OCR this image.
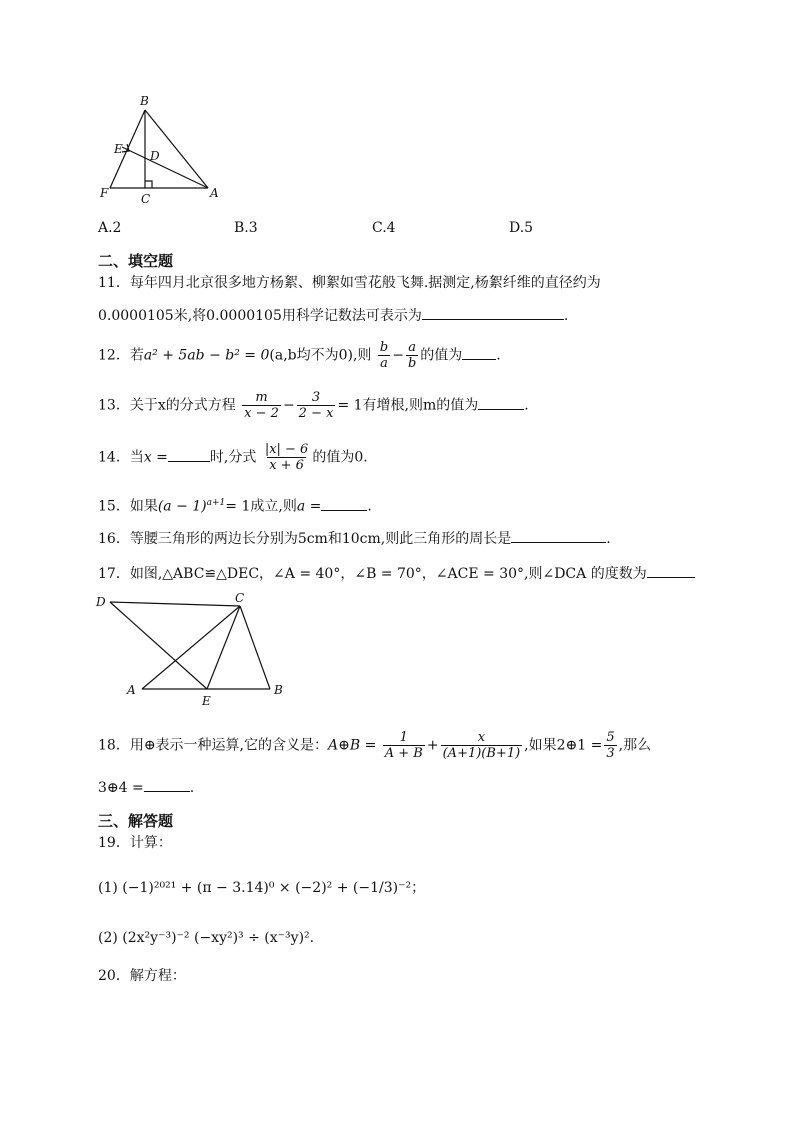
B
E D
F	C	A
A.2	B.3	C.4	D.5
二、填空题
11．每年四月北京很多地方杨絮、柳絮如雪花般飞舞.据测定,杨絮纤维的直径约为
0.0000105米,将0.0000105用科学记数法可表示为	.
12．若a² + 5ab − b² = 0(a,b均不为0),则 $\frac{b}{a} - \frac{a}{b}$ 的值为 .
13．关于x的分式方程 $\frac{m}{x - 2} - \frac{3}{2 - x} = 1$有增根,则m的值为	.
14．当x =	时,分式 $\frac{|x| - 6}{x + 6}$ 的值为0.
15．如果$(a - 1)^{a+1}= 1$成立,则a =	.
16．等腰三角形的两边长分别为5cm和10cm,则此三角形的周长是	.
17．如图,△ABC≌△DEC，∠A = 40°，∠B = 70°，∠ACE = 30°,则∠DCA 的度数为
D	C
A
E
B
18．用⊕表示一种运算,它的含义是：A⊕B = $\frac{1}{A + B} + \frac{x}{(A+1)(B+1)}$ ,如果2⊕1 = $\frac{5}{3}$ ,那么
3⊕4 =	.
三、解答题
19．计算：
(1) (−1)²⁰²¹ + (π − 3.14)⁰ × (−2)² + (−1/3)⁻²；
(2) (2x²y⁻³)⁻² (−xy²)³ ÷ (x⁻³y)².
20．解方程：
